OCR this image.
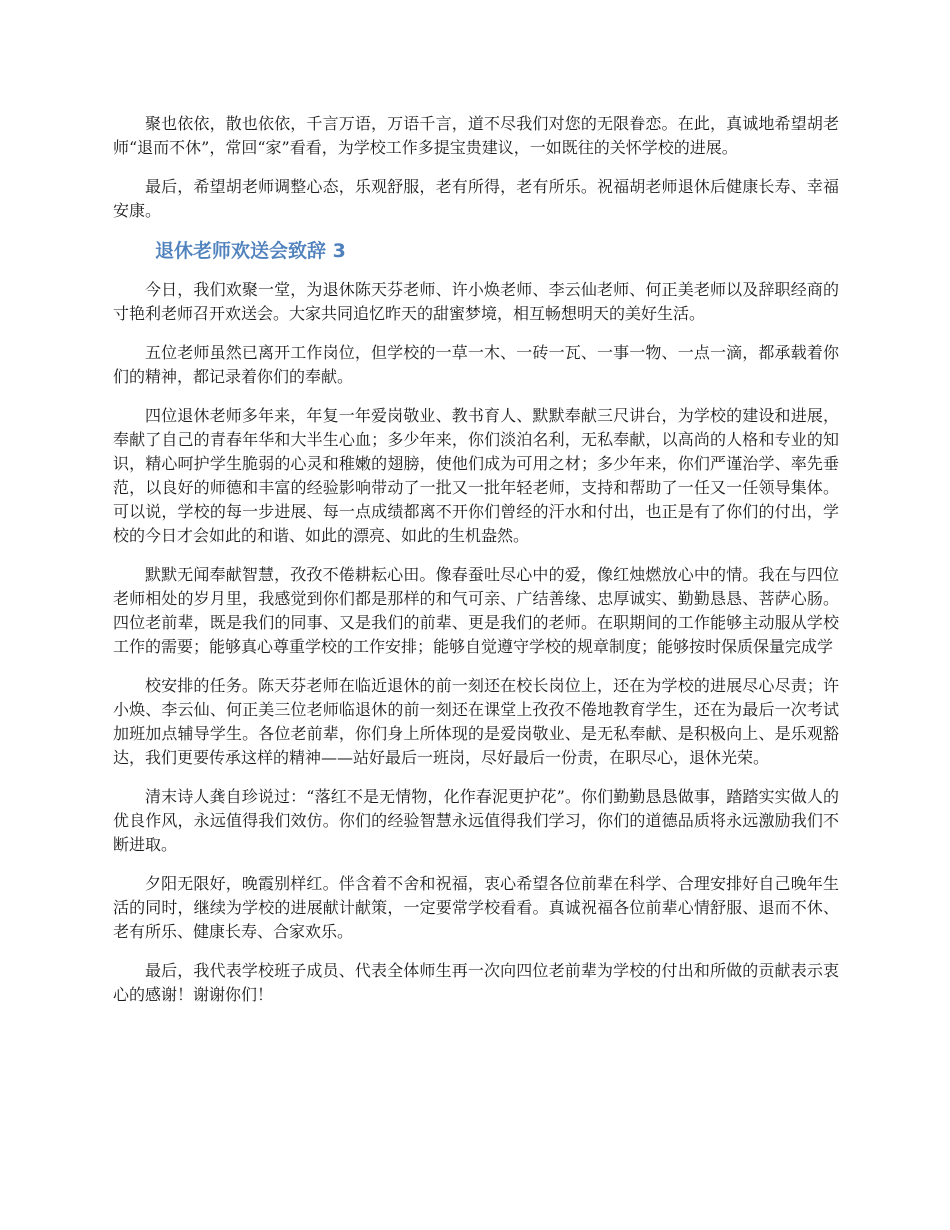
聚也依依，散也依依，千言万语，万语千言，道不尽我们对您的无限眷恋。在此，真诚地希望胡老师“退而不休”，常回“家”看看，为学校工作多提宝贵建议，一如既往的关怀学校的进展。

最后，希望胡老师调整心态，乐观舒服，老有所得，老有所乐。祝福胡老师退休后健康长寿、幸福安康。

退休老师欢送会致辞 3

今日，我们欢聚一堂，为退休陈天芬老师、许小焕老师、李云仙老师、何正美老师以及辞职经商的寸艳利老师召开欢送会。大家共同追忆昨天的甜蜜梦境，相互畅想明天的美好生活。

五位老师虽然已离开工作岗位，但学校的一草一木、一砖一瓦、一事一物、一点一滴，都承载着你们的精神，都记录着你们的奉献。

四位退休老师多年来，年复一年爱岗敬业、教书育人、默默奉献三尺讲台，为学校的建设和进展，奉献了自己的青春年华和大半生心血；多少年来，你们淡泊名利，无私奉献，以高尚的人格和专业的知识，精心呵护学生脆弱的心灵和稚嫩的翅膀，使他们成为可用之材；多少年来，你们严谨治学、率先垂范，以良好的师德和丰富的经验影响带动了一批又一批年轻老师，支持和帮助了一任又一任领导集体。可以说，学校的每一步进展、每一点成绩都离不开你们曾经的汗水和付出，也正是有了你们的付出，学校的今日才会如此的和谐、如此的漂亮、如此的生机盎然。

默默无闻奉献智慧，孜孜不倦耕耘心田。像春蚕吐尽心中的爱，像红烛燃放心中的情。我在与四位老师相处的岁月里，我感觉到你们都是那样的和气可亲、广结善缘、忠厚诚实、勤勤恳恳、菩萨心肠。四位老前辈，既是我们的同事、又是我们的前辈、更是我们的老师。在职期间的工作能够主动服从学校工作的需要；能够真心尊重学校的工作安排；能够自觉遵守学校的规章制度；能够按时保质保量完成学

校安排的任务。陈天芬老师在临近退休的前一刻还在校长岗位上，还在为学校的进展尽心尽责；许小焕、李云仙、何正美三位老师临退休的前一刻还在课堂上孜孜不倦地教育学生，还在为最后一次考试加班加点辅导学生。各位老前辈，你们身上所体现的是爱岗敬业、是无私奉献、是积极向上、是乐观豁达，我们更要传承这样的精神——站好最后一班岗，尽好最后一份责，在职尽心，退休光荣。

清末诗人龚自珍说过：“落红不是无情物，化作春泥更护花”。你们勤勤恳恳做事，踏踏实实做人的优良作风，永远值得我们效仿。你们的经验智慧永远值得我们学习，你们的道德品质将永远激励我们不断进取。

夕阳无限好，晚霞别样红。伴含着不舍和祝福，衷心希望各位前辈在科学、合理安排好自己晚年生活的同时，继续为学校的进展献计献策，一定要常学校看看。真诚祝福各位前辈心情舒服、退而不休、老有所乐、健康长寿、合家欢乐。

最后，我代表学校班子成员、代表全体师生再一次向四位老前辈为学校的付出和所做的贡献表示衷心的感谢！谢谢你们！
